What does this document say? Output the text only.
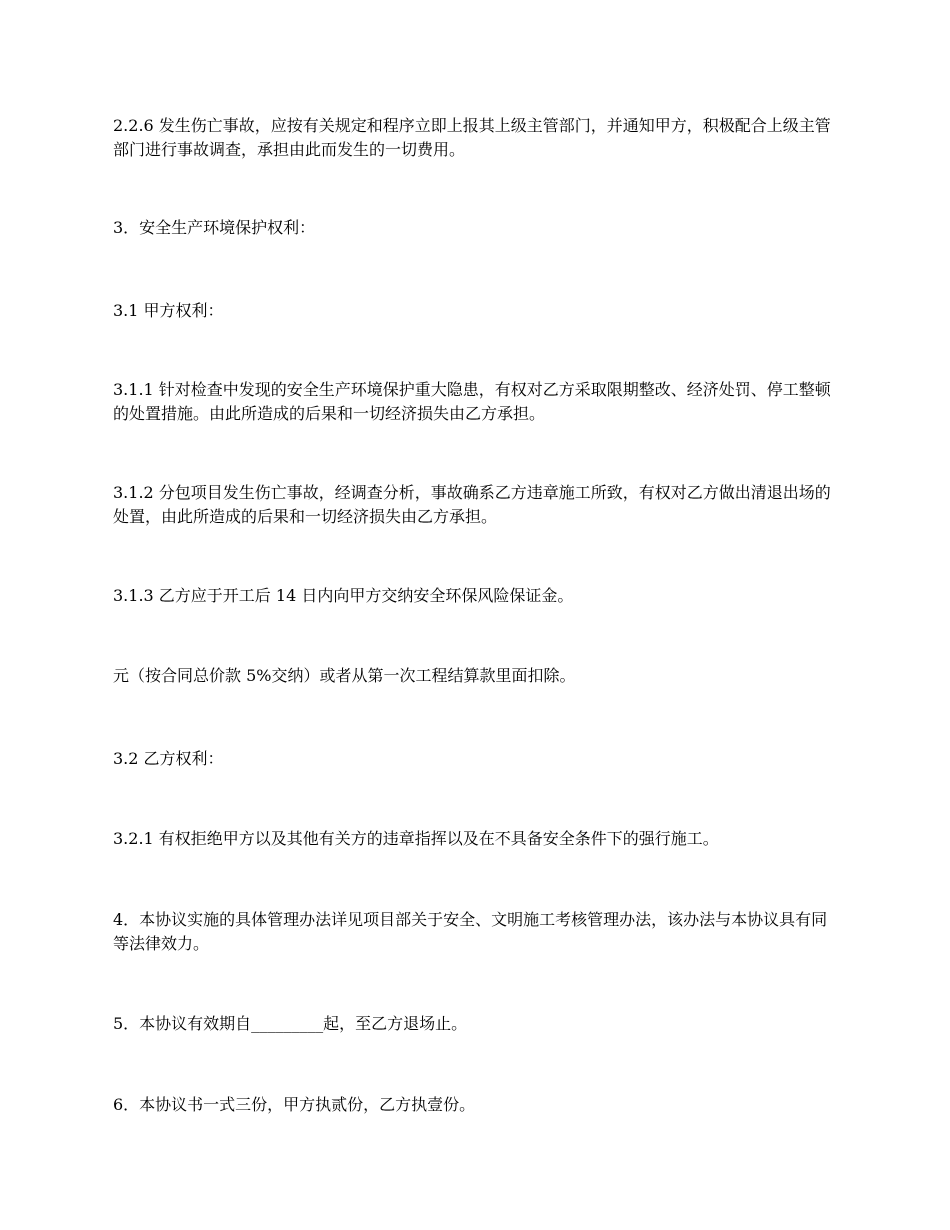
2.2.6 发生伤亡事故，应按有关规定和程序立即上报其上级主管部门，并通知甲方，积极配合上级主管部门进行事故调查，承担由此而发生的一切费用。

3．安全生产环境保护权利：

3.1 甲方权利：

3.1.1 针对检查中发现的安全生产环境保护重大隐患，有权对乙方采取限期整改、经济处罚、停工整顿的处置措施。由此所造成的后果和一切经济损失由乙方承担。

3.1.2 分包项目发生伤亡事故，经调查分析，事故确系乙方违章施工所致，有权对乙方做出清退出场的处置，由此所造成的后果和一切经济损失由乙方承担。

3.1.3 乙方应于开工后 14 日内向甲方交纳安全环保风险保证金。

元（按合同总价款 5%交纳）或者从第一次工程结算款里面扣除。

3.2 乙方权利：

3.2.1 有权拒绝甲方以及其他有关方的违章指挥以及在不具备安全条件下的强行施工。

4．本协议实施的具体管理办法详见项目部关于安全、文明施工考核管理办法，该办法与本协议具有同等法律效力。

5．本协议有效期自_________起，至乙方退场止。

6．本协议书一式三份，甲方执贰份，乙方执壹份。
